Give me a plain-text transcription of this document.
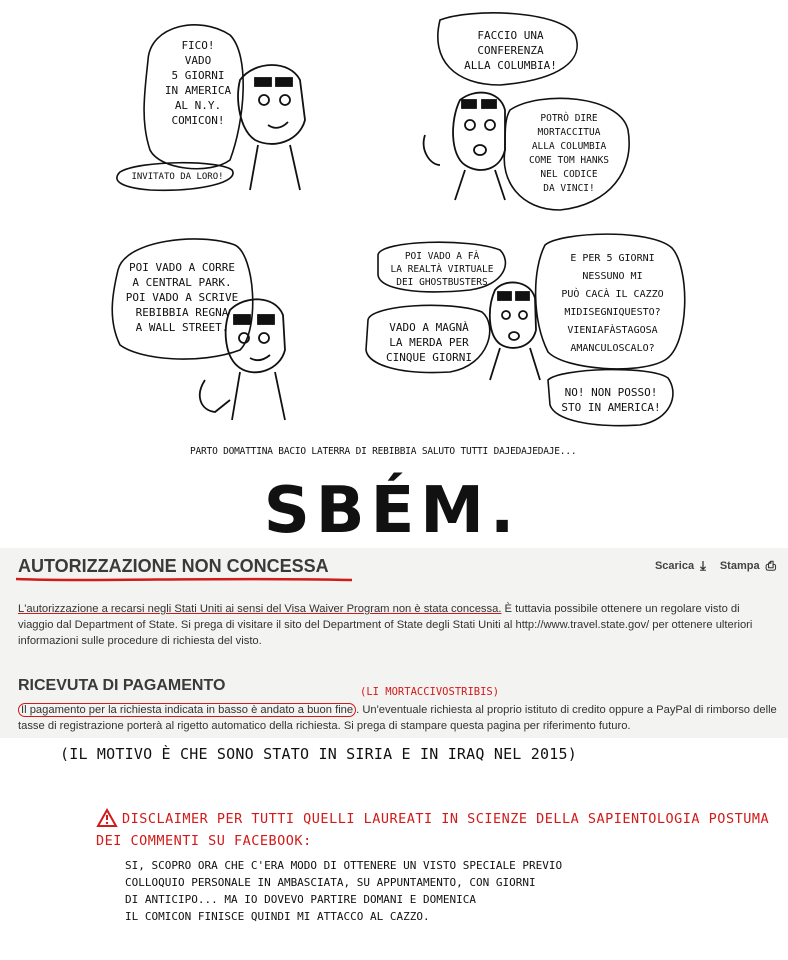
FICO!
VADO
5 GIORNI
IN AMERICA
AL N.Y.
COMICON!
INVITATO DA LORO!
FACCIO UNA
CONFERENZA
ALLA COLUMBIA!
POTRÒ DIRE
MORTACCITUA
ALLA COLUMBIA
COME TOM HANKS
NEL CODICE
DA VINCI!
POI VADO A CORRE
A CENTRAL PARK.
POI VADO A SCRIVE
REBIBBIA REGNA
A WALL STREET.
POI VADO A FÀ
LA REALTÀ VIRTUALE
DEI GHOSTBUSTERS
VADO A MAGNÀ
LA MERDA PER
CINQUE GIORNI
E PER 5 GIORNI
NESSUNO MI
PUÒ CACÀ IL CAZZO
MIDISEGNIQUESTO?
VIENIAFÀSTAGOSA
AMANCULOSCALO?
NO! NON POSSO!
STO IN AMERICA!
PARTO DOMATTINA BACIO LATERRA DI REBIBBIA SALUTO TUTTI DAJEDAJEDAJE...
SBÉM.
AUTORIZZAZIONE NON CONCESSA	Scarica ⤓ Stampa ⎙
L'autorizzazione a recarsi negli Stati Uniti ai sensi del Visa Waiver Program non è stata concessa. È tuttavia possibile ottenere un regolare visto di viaggio dal Department of State. Si prega di visitare il sito del Department of State degli Stati Uniti al http://www.travel.state.gov/ per ottenere ulteriori informazioni sulle procedure di richiesta del visto.
RICEVUTA DI PAGAMENTO	(LI MORTACCIVOSTRIBIS)
Il pagamento per la richiesta indicata in basso è andato a buon fine . Un'eventuale richiesta al proprio istituto di credito oppure a PayPal di rimborso delle
tasse di registrazione porterà al rigetto automatico della richiesta. Si prega di stampare questa pagina per riferimento futuro.
(IL MOTIVO È CHE SONO STATO IN SIRIA E IN IRAQ NEL 2015)
DISCLAIMER PER TUTTI QUELLI LAUREATI IN SCIENZE DELLA SAPIENTOLOGIA POSTUMA DEI COMMENTI SU FACEBOOK:
SI, SCOPRO ORA CHE C'ERA MODO DI OTTENERE UN VISTO SPECIALE PREVIO
COLLOQUIO PERSONALE IN AMBASCIATA, SU APPUNTAMENTO, CON GIORNI
DI ANTICIPO... MA IO DOVEVO PARTIRE DOMANI E DOMENICA
IL COMICON FINISCE QUINDI MI ATTACCO AL CAZZO.
